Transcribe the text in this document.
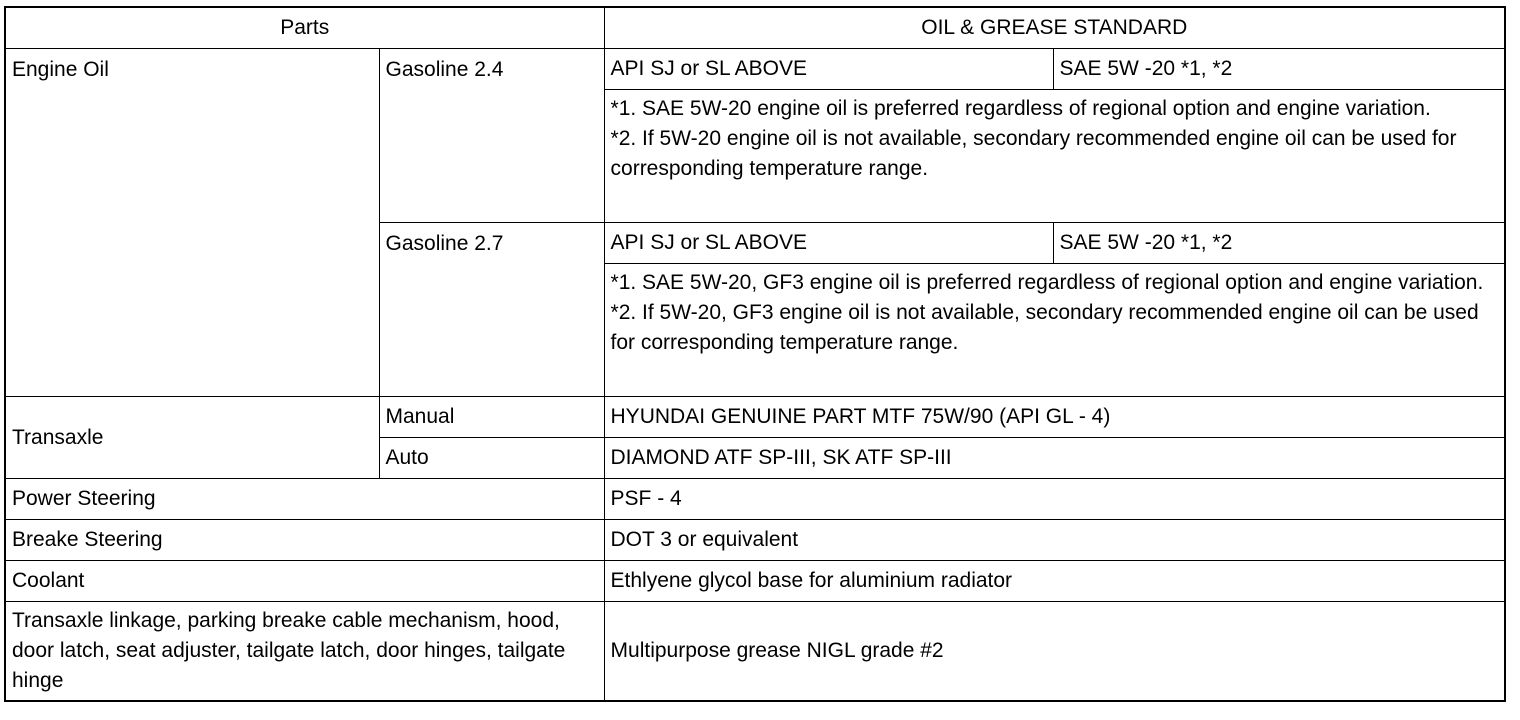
Parts		OIL & GREASE STANDARD	
Engine Oil	Gasoline 2.4	API SJ or SL ABOVE	SAE 5W -20 *1, *2

		*1. SAE 5W-20 engine oil is preferred regardless of regional option and engine variation.
*2. If 5W-20 engine oil is not available, secondary recommended engine oil can be used for corresponding temperature range.	

	Gasoline 2.7	API SJ or SL ABOVE	SAE 5W -20 *1, *2

		*1. SAE 5W-20, GF3 engine oil is preferred regardless of regional option and engine variation.
*2. If 5W-20, GF3 engine oil is not available, secondary recommended engine oil can be used for corresponding temperature range.	

Transaxle	Manual	HYUNDAI GENUINE PART MTF 75W/90 (API GL - 4)	
	Auto	DIAMOND ATF SP-III, SK ATF SP-III	
Power Steering		PSF - 4	
Breake Steering		DOT 3 or equivalent	
Coolant		Ethlyene glycol base for aluminium radiator	
Transaxle linkage, parking breake cable mechanism, hood, door latch, seat adjuster, tailgate latch, door hinges, tailgate hinge		Multipurpose grease NIGL grade #2	
